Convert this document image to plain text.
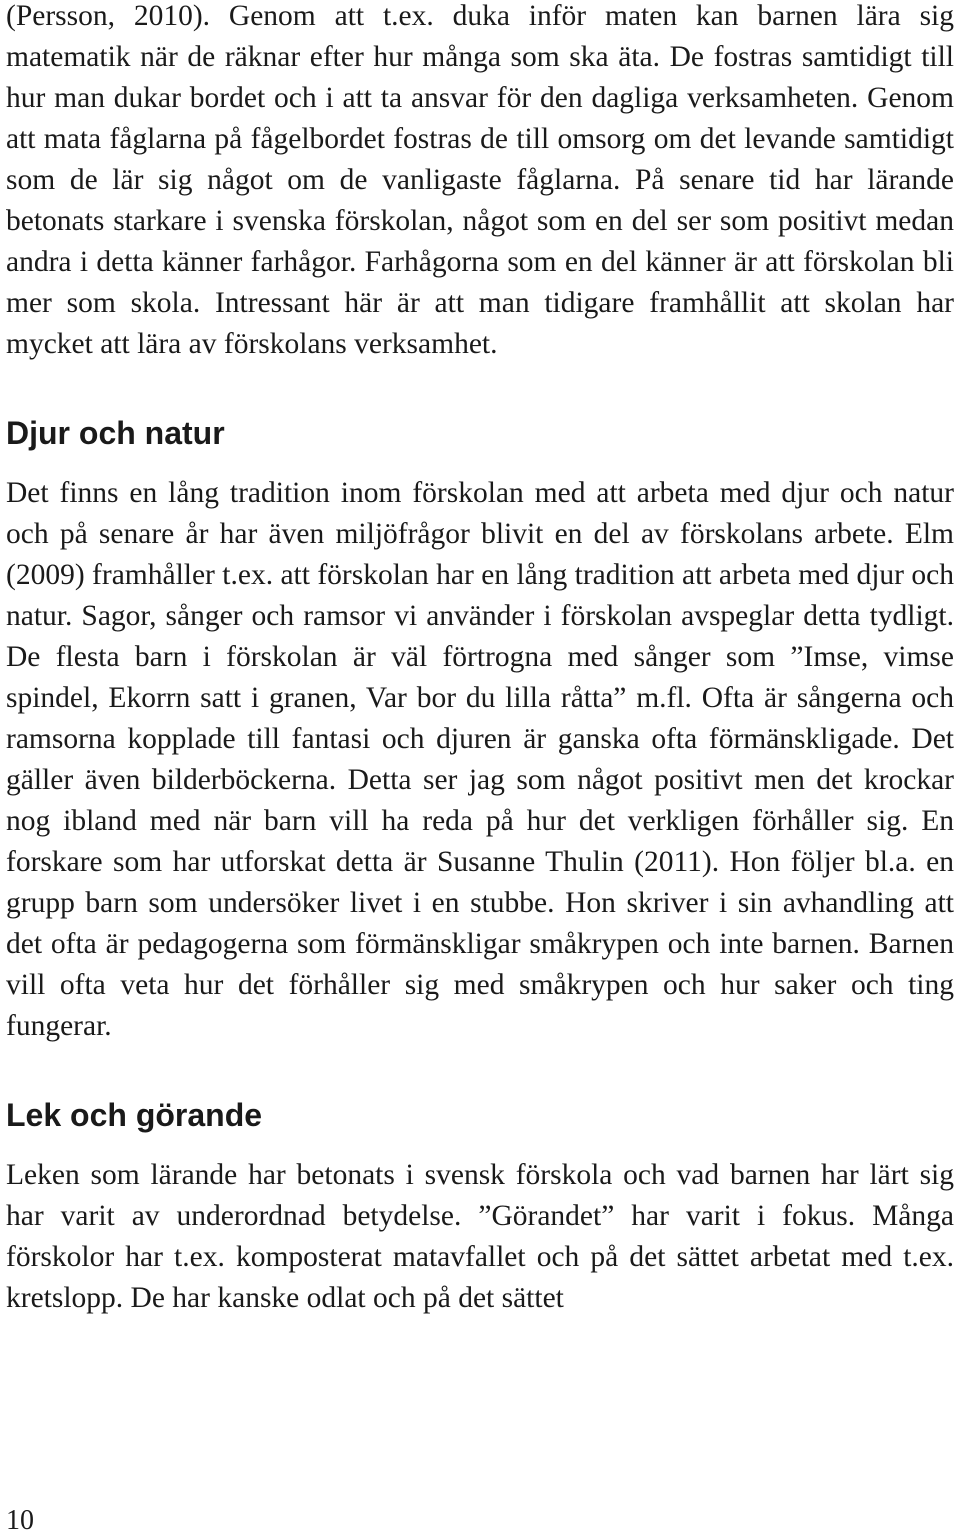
(Persson, 2010). Genom att t.ex. duka inför maten kan barnen lära sig matematik när de räknar efter hur många som ska äta. De fostras samtidigt till hur man dukar bordet och i att ta ansvar för den dagliga verksamheten. Genom att mata fåglarna på fågelbordet fostras de till omsorg om det levande samtidigt som de lär sig något om de vanligaste fåglarna. På senare tid har lärande betonats starkare i svenska förskolan, något som en del ser som positivt medan andra i detta känner farhågor. Farhågorna som en del känner är att förskolan bli mer som skola. Intressant här är att man tidigare framhållit att skolan har mycket att lära av förskolans verksamhet.

Djur och natur

Det finns en lång tradition inom förskolan med att arbeta med djur och natur och på senare år har även miljöfrågor blivit en del av förskolans arbete. Elm (2009) framhåller t.ex. att förskolan har en lång tradition att arbeta med djur och natur. Sagor, sånger och ramsor vi använder i förskolan avspeglar detta tydligt. De flesta barn i förskolan är väl förtrogna med sånger som ”Imse, vimse spindel, Ekorrn satt i granen, Var bor du lilla råtta” m.fl. Ofta är sångerna och ramsorna kopplade till fantasi och djuren är ganska ofta förmänskligade. Det gäller även bilderböckerna. Detta ser jag som något positivt men det krockar nog ibland med när barn vill ha reda på hur det verkligen förhåller sig. En forskare som har utforskat detta är Susanne Thulin (2011). Hon följer bl.a. en grupp barn som undersöker livet i en stubbe. Hon skriver i sin avhandling att det ofta är pedagogerna som förmänskligar småkrypen och inte barnen. Barnen vill ofta veta hur det förhåller sig med småkrypen och hur saker och ting fungerar.

Lek och görande

Leken som lärande har betonats i svensk förskola och vad barnen har lärt sig har varit av underordnad betydelse. ”Görandet” har varit i fokus. Många förskolor har t.ex. komposterat matavfallet och på det sättet arbetat med t.ex. kretslopp. De har kanske odlat och på det sättet

10
